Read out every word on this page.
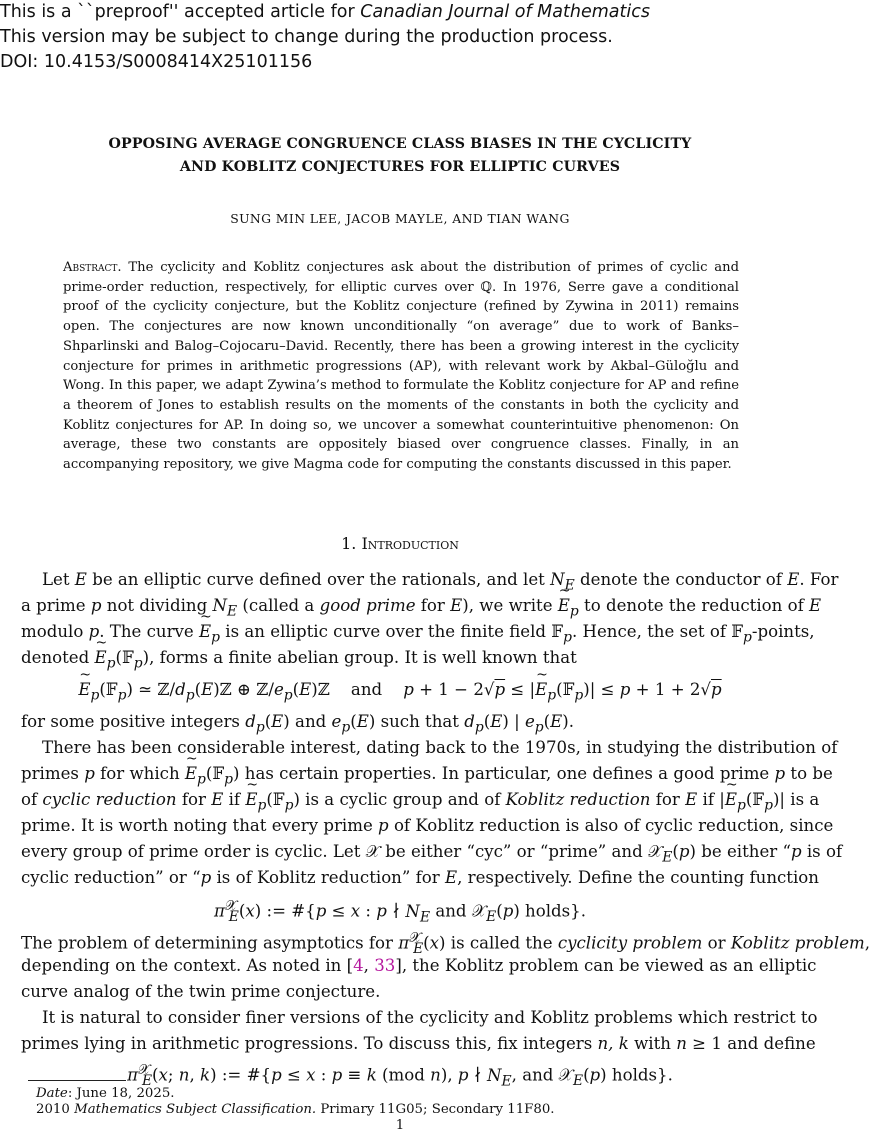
This is a ``preproof'' accepted article for Canadian Journal of Mathematics
This version may be subject to change during the production process.
DOI: 10.4153/S0008414X25101156
OPPOSING AVERAGE CONGRUENCE CLASS BIASES IN THE CYCLICITY
AND KOBLITZ CONJECTURES FOR ELLIPTIC CURVES
SUNG MIN LEE, JACOB MAYLE, AND TIAN WANG
Abstract. The cyclicity and Koblitz conjectures ask about the distribution of primes of cyclic and prime-order reduction, respectively, for elliptic curves over ℚ. In 1976, Serre gave a conditional proof of the cyclicity conjecture, but the Koblitz conjecture (refined by Zywina in 2011) remains open. The conjectures are now known unconditionally “on average” due to work of Banks–Shparlinski and Balog–Cojocaru–David. Recently, there has been a growing interest in the cyclicity conjecture for primes in arithmetic progressions (AP), with relevant work by Akbal–Güloğlu and Wong. In this paper, we adapt Zywina’s method to formulate the Koblitz conjecture for AP and refine a theorem of Jones to establish results on the moments of the constants in both the cyclicity and Koblitz conjectures for AP. In doing so, we uncover a somewhat counterintuitive phenomenon: On average, these two constants are oppositely biased over congruence classes. Finally, in an accompanying repository, we give Magma code for computing the constants discussed in this paper.
1. Introduction
Let E be an elliptic curve defined over the rationals, and let $N_E$ denote the conductor of E. For
a prime p not dividing $N_E$ (called a good prime for E), we write ~ $E_p$ to denote the reduction of E
modulo p. The curve ~ $E_p$ is an elliptic curve over the finite field 𝔽$_p$. Hence, the set of 𝔽$_p$-points,
denoted ~ $E_p(𝔽_p)$, forms a finite abelian group. It is well known that
~ $E_p(𝔽_p)$ ≃ $ℤ/d_p(E)ℤ$ ⊕ $ℤ/e_p(E)ℤ$    and    p + 1 − 2√p ≤ |~ $E_p(𝔽_p)| \le p + 1 + 2√p$
for some positive integers $d_p(E)$ and $e_p(E)$ such that $d_p(E)$ | $e_p(E)$.
There has been considerable interest, dating back to the 1970s, in studying the distribution of
primes p for which ~ $E_p(𝔽_p)$ has certain properties. In particular, one defines a good prime p to be
of cyclic reduction for E if ~ $E_p(𝔽_p)$ is a cyclic group and of Koblitz reduction for E if |~ $E_p(𝔽_p)|$ is a
prime. It is worth noting that every prime p of Koblitz reduction is also of cyclic reduction, since
every group of prime order is cyclic. Let 𝒳 be either “cyc” or “prime” and 𝒳$_E$(p) be either “p is of
cyclic reduction” or “p is of Koblitz reduction” for E, respectively. Define the counting function
$\pi^𝒳_E(x)$ := #{p ≤ x : p ∤ $N_E$ and 𝒳$_E$(p) holds}.
The problem of determining asymptotics for $\pi^𝒳_E(x)$ is called the cyclicity problem or Koblitz problem,
depending on the context. As noted in [4, 33], the Koblitz problem can be viewed as an elliptic
curve analog of the twin prime conjecture.
It is natural to consider finer versions of the cyclicity and Koblitz problems which restrict to
primes lying in arithmetic progressions. To discuss this, fix integers n, k with n ≥ 1 and define
$\pi^𝒳_E(x$; n, k) := #{p ≤ x : p ≡ k (mod n), p ∤ $N_E$, and 𝒳$_E$(p) holds}.
Date: June 18, 2025.
2010 Mathematics Subject Classification. Primary 11G05; Secondary 11F80.
1
